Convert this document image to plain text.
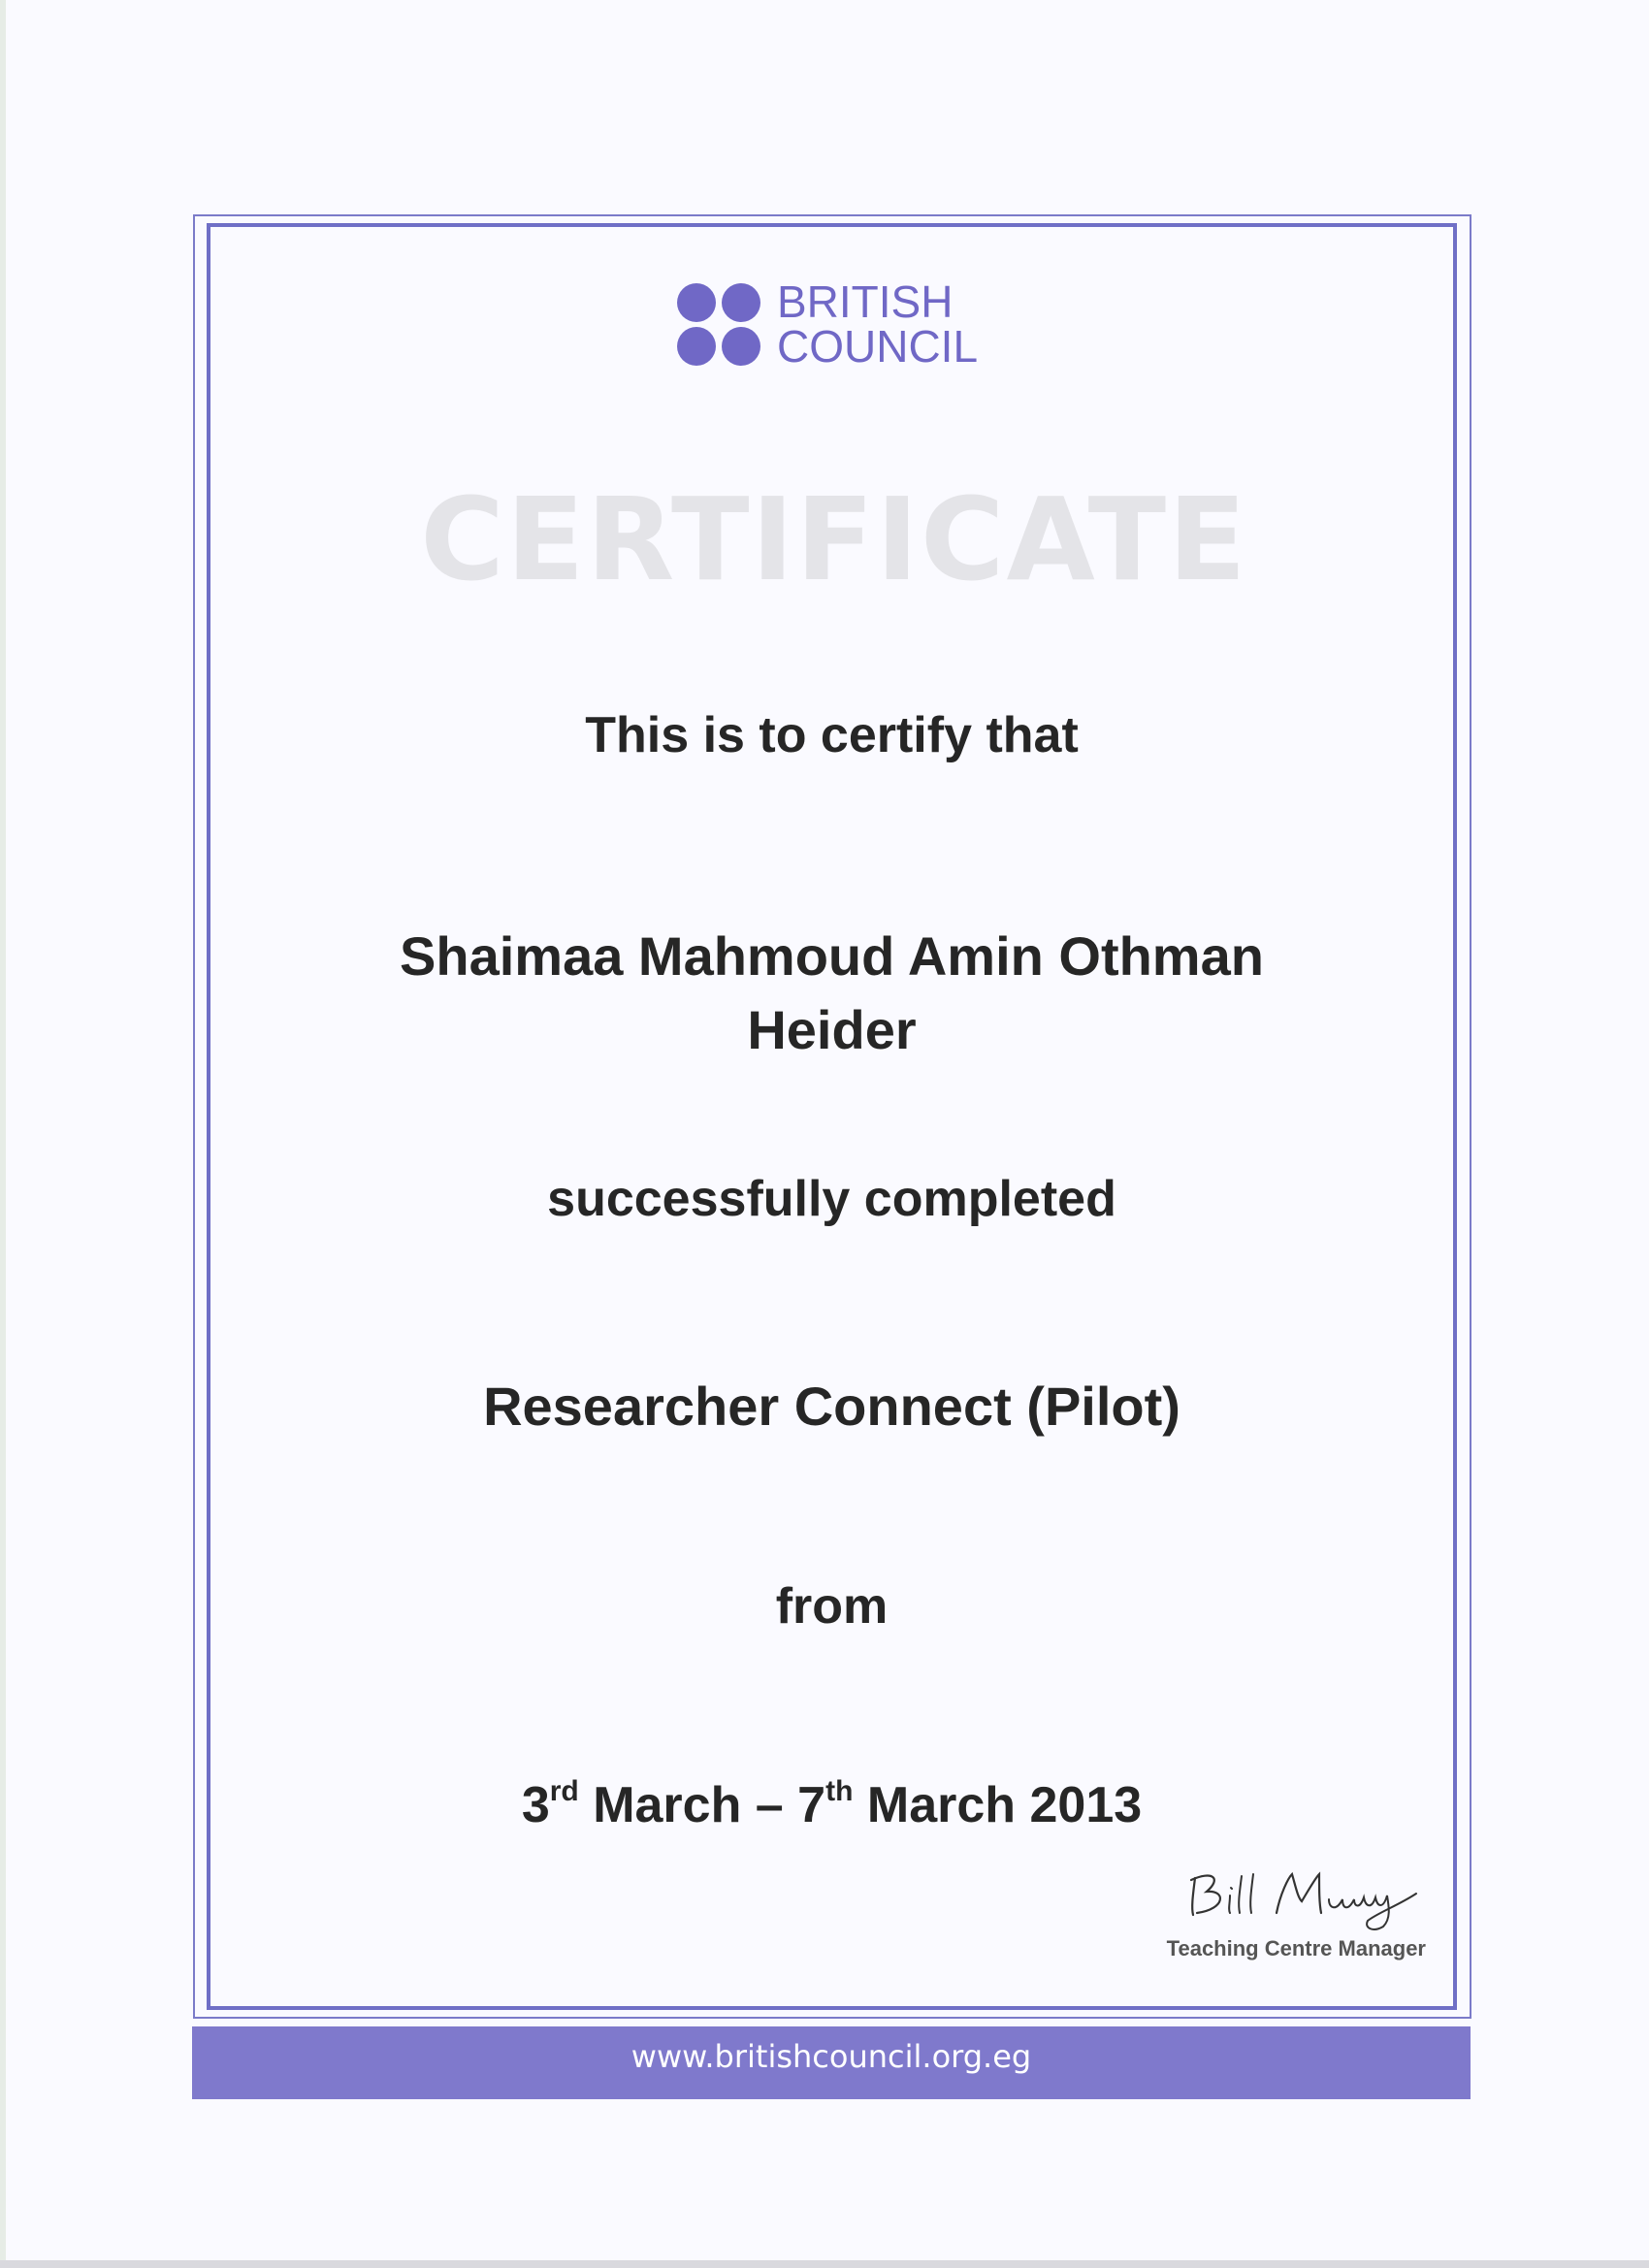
BRITISH
COUNCIL
CERTIFICATE
This is to certify that
Shaimaa Mahmoud Amin Othman
Heider
successfully completed
Researcher Connect (Pilot)
from
3rd March – 7th March 2013
Teaching Centre Manager
www.britishcouncil.org.eg
